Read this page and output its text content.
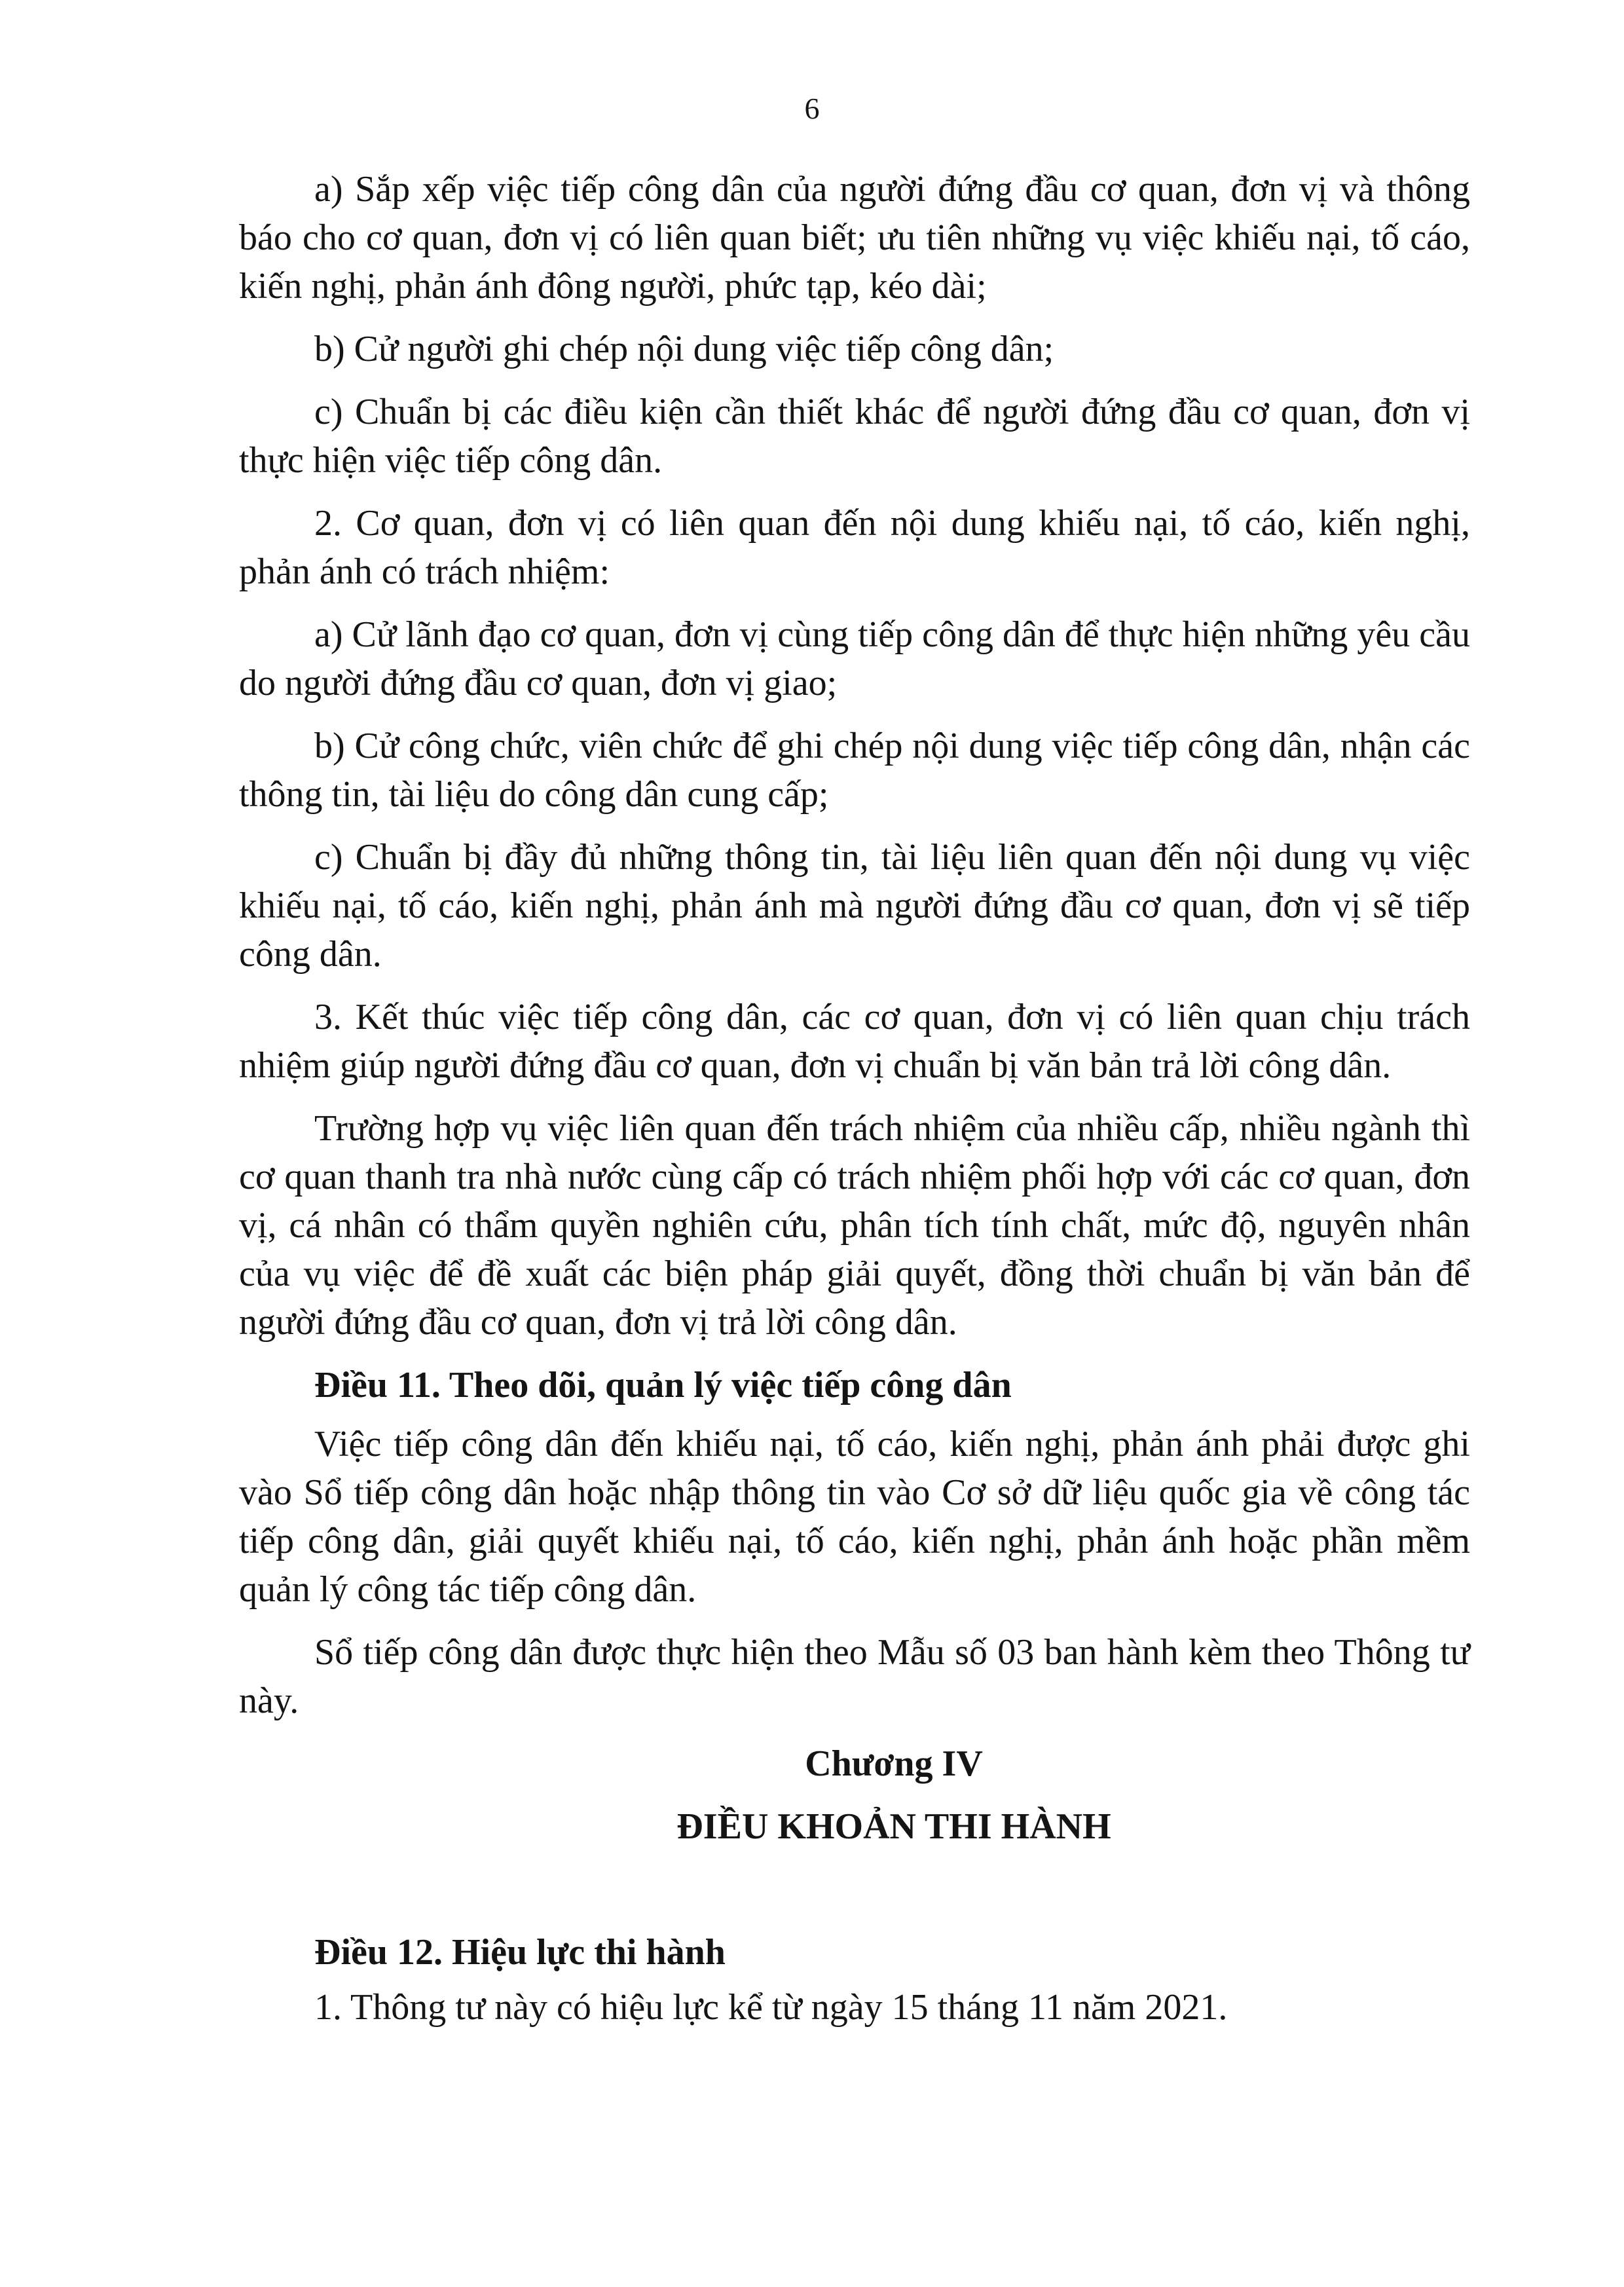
6

a) Sắp xếp việc tiếp công dân của người đứng đầu cơ quan, đơn vị và thông báo cho cơ quan, đơn vị có liên quan biết; ưu tiên những vụ việc khiếu nại, tố cáo, kiến nghị, phản ánh đông người, phức tạp, kéo dài;

b) Cử người ghi chép nội dung việc tiếp công dân;

c) Chuẩn bị các điều kiện cần thiết khác để người đứng đầu cơ quan, đơn vị thực hiện việc tiếp công dân.

2. Cơ quan, đơn vị có liên quan đến nội dung khiếu nại, tố cáo, kiến nghị, phản ánh có trách nhiệm:

a) Cử lãnh đạo cơ quan, đơn vị cùng tiếp công dân để thực hiện những yêu cầu do người đứng đầu cơ quan, đơn vị giao;

b) Cử công chức, viên chức để ghi chép nội dung việc tiếp công dân, nhận các thông tin, tài liệu do công dân cung cấp;

c) Chuẩn bị đầy đủ những thông tin, tài liệu liên quan đến nội dung vụ việc khiếu nại, tố cáo, kiến nghị, phản ánh mà người đứng đầu cơ quan, đơn vị sẽ tiếp công dân.

3. Kết thúc việc tiếp công dân, các cơ quan, đơn vị có liên quan chịu trách nhiệm giúp người đứng đầu cơ quan, đơn vị chuẩn bị văn bản trả lời công dân.

Trường hợp vụ việc liên quan đến trách nhiệm của nhiều cấp, nhiều ngành thì cơ quan thanh tra nhà nước cùng cấp có trách nhiệm phối hợp với các cơ quan, đơn vị, cá nhân có thẩm quyền nghiên cứu, phân tích tính chất, mức độ, nguyên nhân của vụ việc để đề xuất các biện pháp giải quyết, đồng thời chuẩn bị văn bản để người đứng đầu cơ quan, đơn vị trả lời công dân.

Điều 11. Theo dõi, quản lý việc tiếp công dân

Việc tiếp công dân đến khiếu nại, tố cáo, kiến nghị, phản ánh phải được ghi vào Sổ tiếp công dân hoặc nhập thông tin vào Cơ sở dữ liệu quốc gia về công tác tiếp công dân, giải quyết khiếu nại, tố cáo, kiến nghị, phản ánh hoặc phần mềm quản lý công tác tiếp công dân.

Sổ tiếp công dân được thực hiện theo Mẫu số 03 ban hành kèm theo Thông tư này.

Chương IV

ĐIỀU KHOẢN THI HÀNH

Điều 12. Hiệu lực thi hành

1. Thông tư này có hiệu lực kể từ ngày 15 tháng 11 năm 2021.
